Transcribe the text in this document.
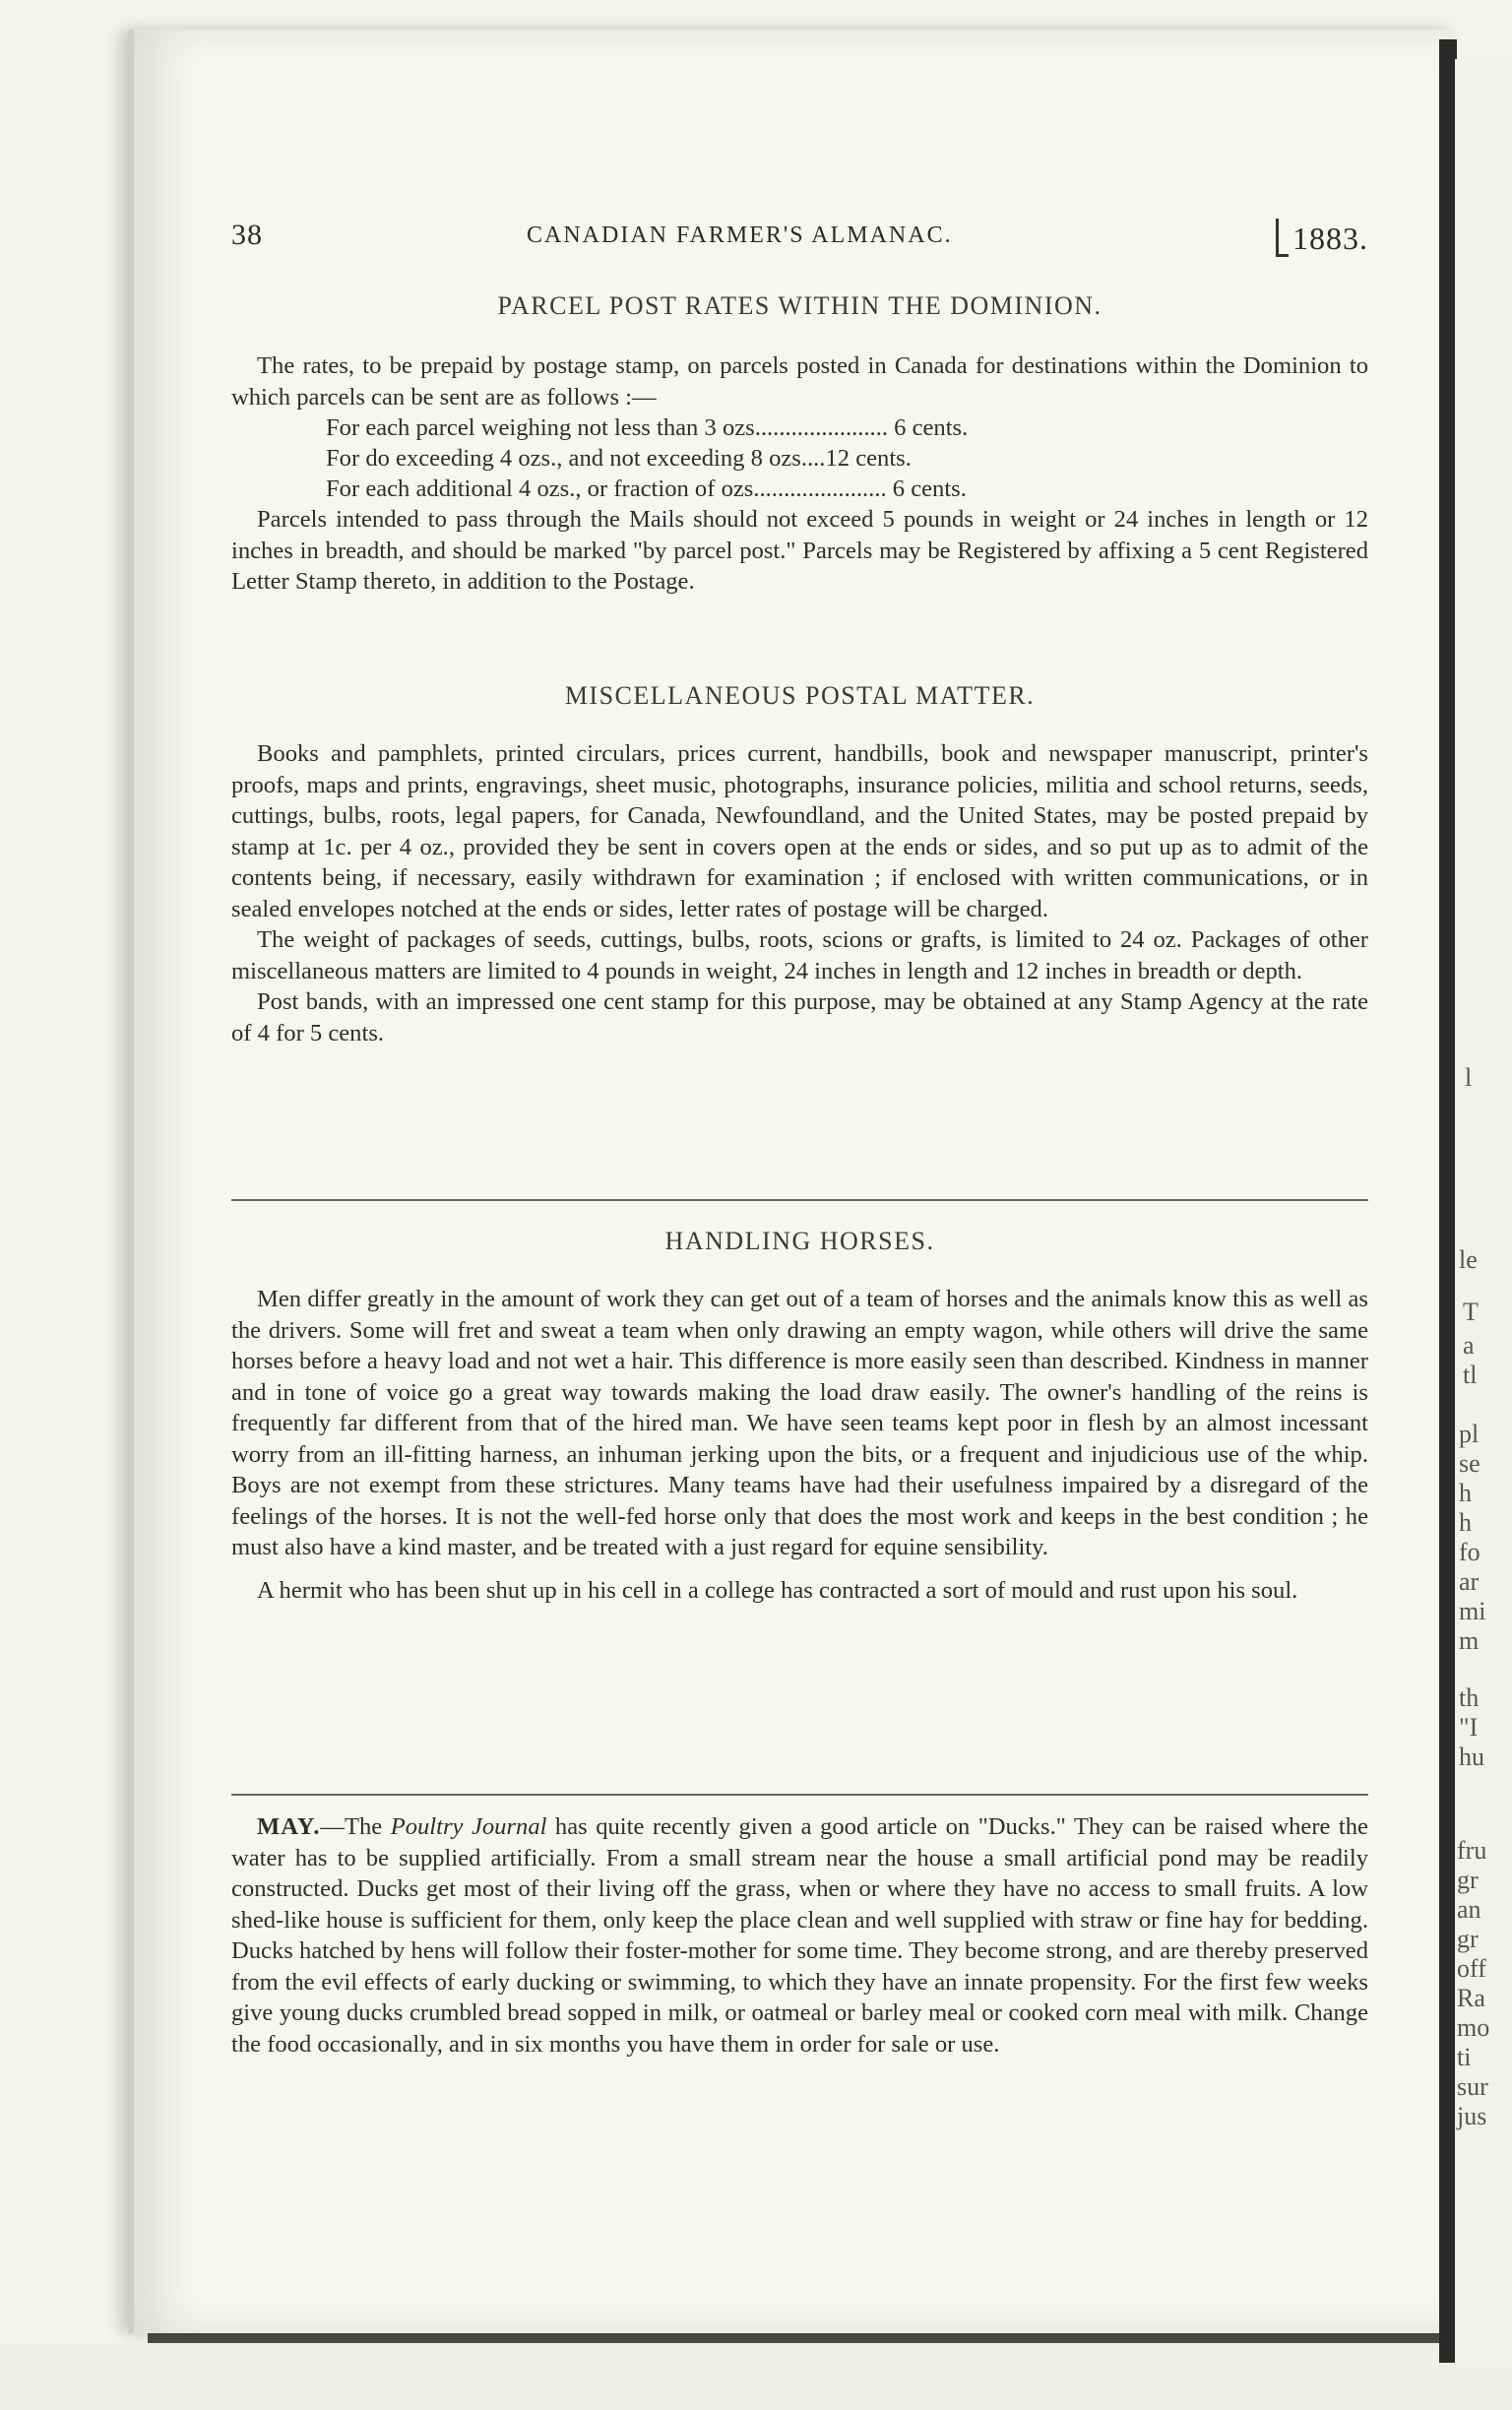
l
le
T
a
tl
pl
se
h
h
fo
ar
mi
m
th
"I
hu
fru
gr
an
gr
off
Ra
mo
ti
sur
jus
38	CANADIAN FARMER'S ALMANAC.	1883.
PARCEL POST RATES WITHIN THE DOMINION.

The rates, to be prepaid by postage stamp, on parcels posted in Canada for destinations within the Dominion to which parcels can be sent are as follows :—

For each parcel weighing not less than 3 ozs...................... 6 cents.
For do exceeding 4 ozs., and not exceeding 8 ozs....12 cents.
For each additional 4 ozs., or fraction of ozs...................... 6 cents.

Parcels intended to pass through the Mails should not exceed 5 pounds in weight or 24 inches in length or 12 inches in breadth, and should be marked "by parcel post." Parcels may be Registered by affixing a 5 cent Registered Letter Stamp thereto, in addition to the Postage.

MISCELLANEOUS POSTAL MATTER.

Books and pamphlets, printed circulars, prices current, handbills, book and newspaper manuscript, printer's proofs, maps and prints, engravings, sheet music, photographs, insurance policies, militia and school returns, seeds, cuttings, bulbs, roots, legal papers, for Canada, Newfoundland, and the United States, may be posted prepaid by stamp at 1c. per 4 oz., provided they be sent in covers open at the ends or sides, and so put up as to admit of the contents being, if necessary, easily withdrawn for examination ; if enclosed with written communications, or in sealed envelopes notched at the ends or sides, letter rates of postage will be charged.

The weight of packages of seeds, cuttings, bulbs, roots, scions or grafts, is limited to 24 oz. Packages of other miscellaneous matters are limited to 4 pounds in weight, 24 inches in length and 12 inches in breadth or depth.

Post bands, with an impressed one cent stamp for this purpose, may be obtained at any Stamp Agency at the rate of 4 for 5 cents.

HANDLING HORSES.

Men differ greatly in the amount of work they can get out of a team of horses and the animals know this as well as the drivers. Some will fret and sweat a team when only drawing an empty wagon, while others will drive the same horses before a heavy load and not wet a hair. This difference is more easily seen than described. Kindness in manner and in tone of voice go a great way towards making the load draw easily. The owner's handling of the reins is frequently far different from that of the hired man. We have seen teams kept poor in flesh by an almost incessant worry from an ill-fitting harness, an inhuman jerking upon the bits, or a frequent and injudicious use of the whip. Boys are not exempt from these strictures. Many teams have had their usefulness impaired by a disregard of the feelings of the horses. It is not the well-fed horse only that does the most work and keeps in the best condition ; he must also have a kind master, and be treated with a just regard for equine sensibility.

A hermit who has been shut up in his cell in a college has contracted a sort of mould and rust upon his soul.

MAY.—The Poultry Journal has quite recently given a good article on "Ducks." They can be raised where the water has to be supplied artificially. From a small stream near the house a small artificial pond may be readily constructed. Ducks get most of their living off the grass, when or where they have no access to small fruits. A low shed-like house is sufficient for them, only keep the place clean and well supplied with straw or fine hay for bedding. Ducks hatched by hens will follow their foster-mother for some time. They become strong, and are thereby preserved from the evil effects of early ducking or swimming, to which they have an innate propensity. For the first few weeks give young ducks crumbled bread sopped in milk, or oatmeal or barley meal or cooked corn meal with milk. Change the food occasionally, and in six months you have them in order for sale or use.
